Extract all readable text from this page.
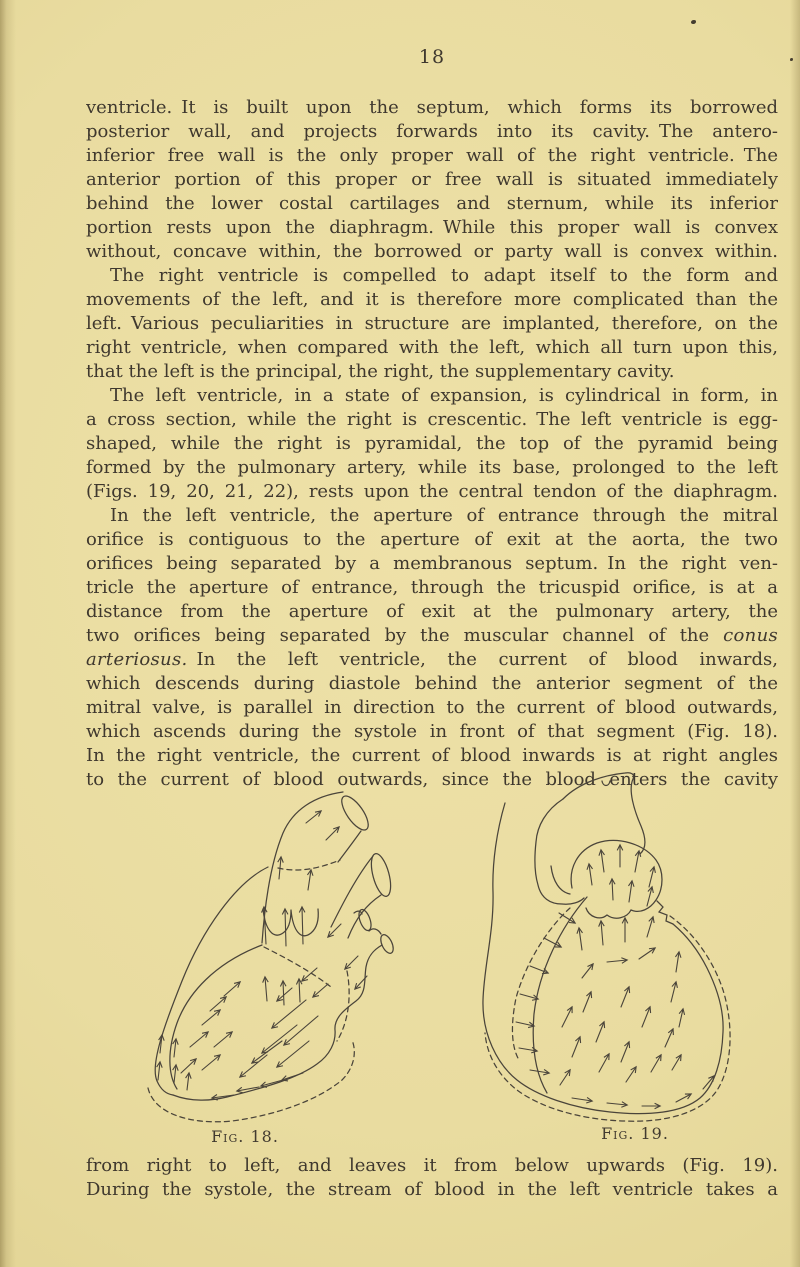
18
ventricle. It is built upon the septum, which forms its borrowed
posterior wall, and projects forwards into its cavity. The antero-
inferior free wall is the only proper wall of the right ventricle. The
anterior portion of this proper or free wall is situated immediately
behind the lower costal cartilages and sternum, while its inferior
portion rests upon the diaphragm. While this proper wall is convex
without, concave within, the borrowed or party wall is convex within.
The right ventricle is compelled to adapt itself to the form and
movements of the left, and it is therefore more complicated than the
left. Various peculiarities in structure are implanted, therefore, on the
right ventricle, when compared with the left, which all turn upon this,
that the left is the principal, the right, the supplementary cavity.
The left ventricle, in a state of expansion, is cylindrical in form, in
a cross section, while the right is crescentic. The left ventricle is egg-
shaped, while the right is pyramidal, the top of the pyramid being
formed by the pulmonary artery, while its base, prolonged to the left
(Figs. 19, 20, 21, 22), rests upon the central tendon of the diaphragm.
In the left ventricle, the aperture of entrance through the mitral
orifice is contiguous to the aperture of exit at the aorta, the two
orifices being separated by a membranous septum. In the right ven-
tricle the aperture of entrance, through the tricuspid orifice, is at a
distance from the aperture of exit at the pulmonary artery, the
two orifices being separated by the muscular channel of the conus
arteriosus. In the left ventricle, the current of blood inwards,
which descends during diastole behind the anterior segment of the
mitral valve, is parallel in direction to the current of blood outwards,
which ascends during the systole in front of that segment (Fig. 18).
In the right ventricle, the current of blood inwards is at right angles
to the current of blood outwards, since the blood enters the cavity
Fig. 18.	Fig. 19.
from right to left, and leaves it from below upwards (Fig. 19).
During the systole, the stream of blood in the left ventricle takes a
